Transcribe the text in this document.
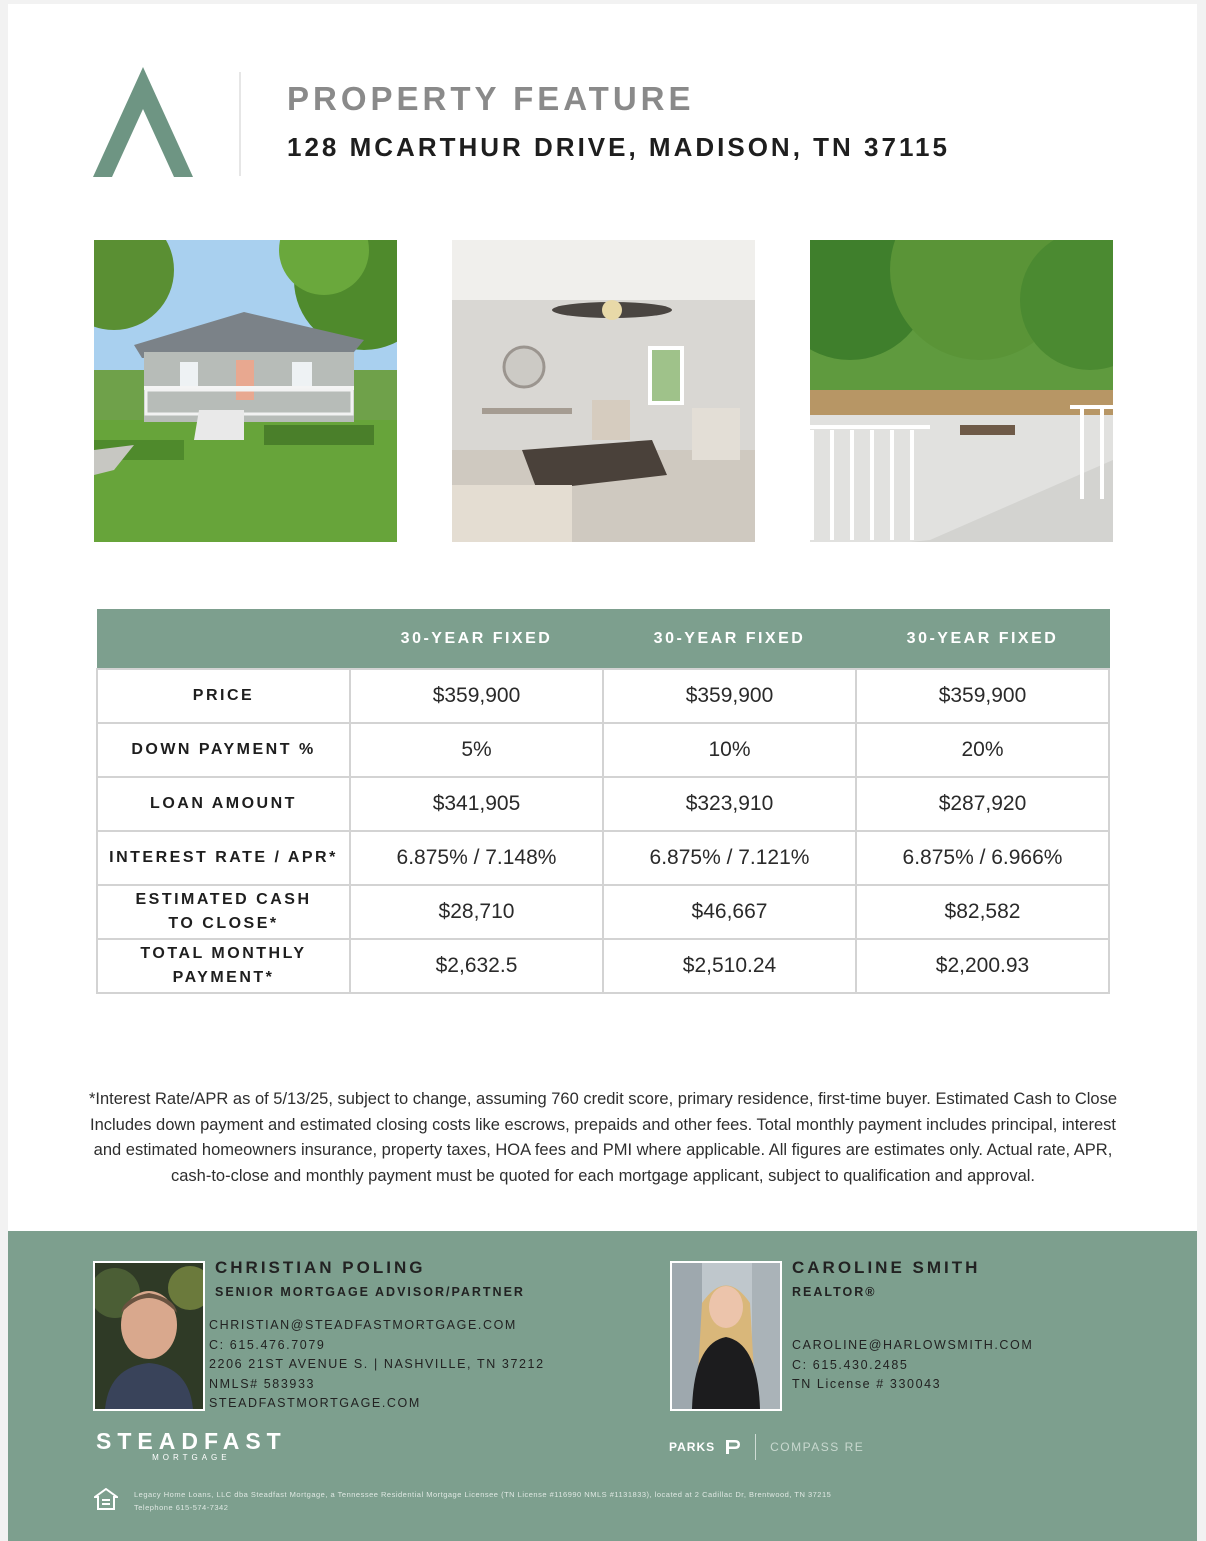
PROPERTY FEATURE
128 MCARTHUR DRIVE, MADISON, TN 37115
	30-YEAR FIXED	30-YEAR FIXED	30-YEAR FIXED
PRICE	$359,900	$359,900	$359,900
DOWN PAYMENT %	5%	10%	20%
LOAN AMOUNT	$341,905	$323,910	$287,920
INTEREST RATE / APR*	6.875% / 7.148%	6.875% / 7.121%	6.875% / 6.966%
ESTIMATED CASH
TO CLOSE*	$28,710	$46,667	$82,582
TOTAL MONTHLY
PAYMENT*	$2,632.5	$2,510.24	$2,200.93
*Interest Rate/APR as of 5/13/25, subject to change, assuming 760 credit score, primary residence, first-time buyer. Estimated Cash to Close Includes down payment and estimated closing costs like escrows, prepaids and other fees. Total monthly payment includes principal, interest and estimated homeowners insurance, property taxes, HOA fees and PMI where applicable. All figures are estimates only. Actual rate, APR, cash-to-close and monthly payment must be quoted for each mortgage applicant, subject to qualification and approval.
CHRISTIAN POLING
SENIOR MORTGAGE ADVISOR/PARTNER
CHRISTIAN@STEADFASTMORTGAGE.COM
C: 615.476.7079
2206 21ST AVENUE S. | NASHVILLE, TN 37212
NMLS# 583933
STEADFASTMORTGAGE.COM
STEADFAST
MORTGAGE
CAROLINE SMITH
REALTOR®
CAROLINE@HARLOWSMITH.COM
C: 615.430.2485
TN License # 330043
PARKS	COMPASS RE
Legacy Home Loans, LLC dba Steadfast Mortgage, a Tennessee Residential Mortgage Licensee (TN License #116990 NMLS #1131833), located at 2 Cadillac Dr, Brentwood, TN 37215
Telephone 615-574-7342
